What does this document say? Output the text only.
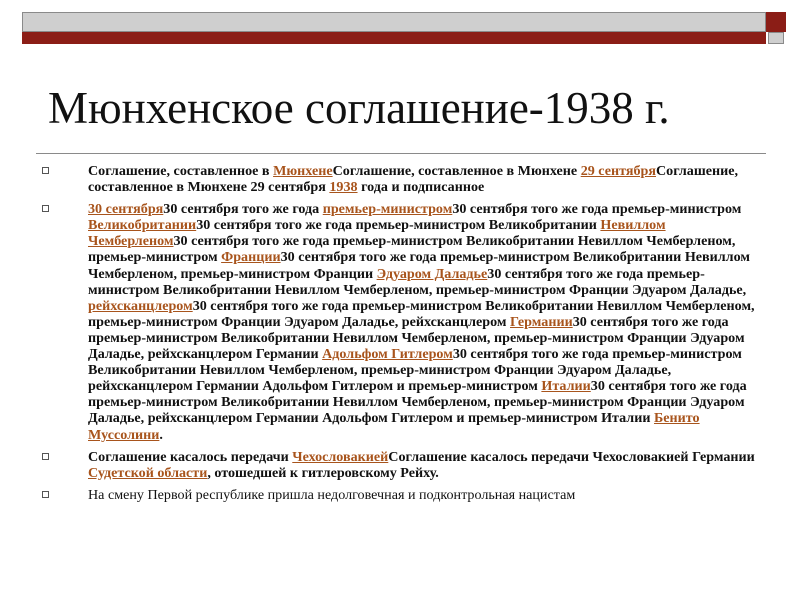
Мюнхенское соглашение-1938 г.
Соглашение, составленное в МюнхенеСоглашение, составленное в Мюнхене 29 сентябряСоглашение, составленное в Мюнхене 29 сентября 1938 года и подписанное
30 сентября30 сентября того же года премьер-министром30 сентября того же года премьер-министром Великобритании30 сентября того же года премьер-министром Великобритании Невиллом Чемберленом30 сентября того же года премьер-министром Великобритании Невиллом Чемберленом, премьер-министром Франции30 сентября того же года премьер-министром Великобритании Невиллом Чемберленом, премьер-министром Франции Эдуаром Даладье30 сентября того же года премьер-министром Великобритании Невиллом Чемберленом, премьер-министром Франции Эдуаром Даладье, рейхсканцлером30 сентября того же года премьер-министром Великобритании Невиллом Чемберленом, премьер-министром Франции Эдуаром Даладье, рейхсканцлером Германии30 сентября того же года премьер-министром Великобритании Невиллом Чемберленом, премьер-министром Франции Эдуаром Даладье, рейхсканцлером Германии Адольфом Гитлером30 сентября того же года премьер-министром Великобритании Невиллом Чемберленом, премьер-министром Франции Эдуаром Даладье, рейхсканцлером Германии Адольфом Гитлером и премьер-министром Италии30 сентября того же года премьер-министром Великобритании Невиллом Чемберленом, премьер-министром Франции Эдуаром Даладье, рейхсканцлером Германии Адольфом Гитлером и премьер-министром Италии Бенито Муссолини.
Соглашение касалось передачи ЧехословакиейСоглашение касалось передачи Чехословакией Германии Судетской области, отошедшей к гитлеровскому Рейху.
На смену Первой республике пришла недолговечная и подконтрольная нацистам
